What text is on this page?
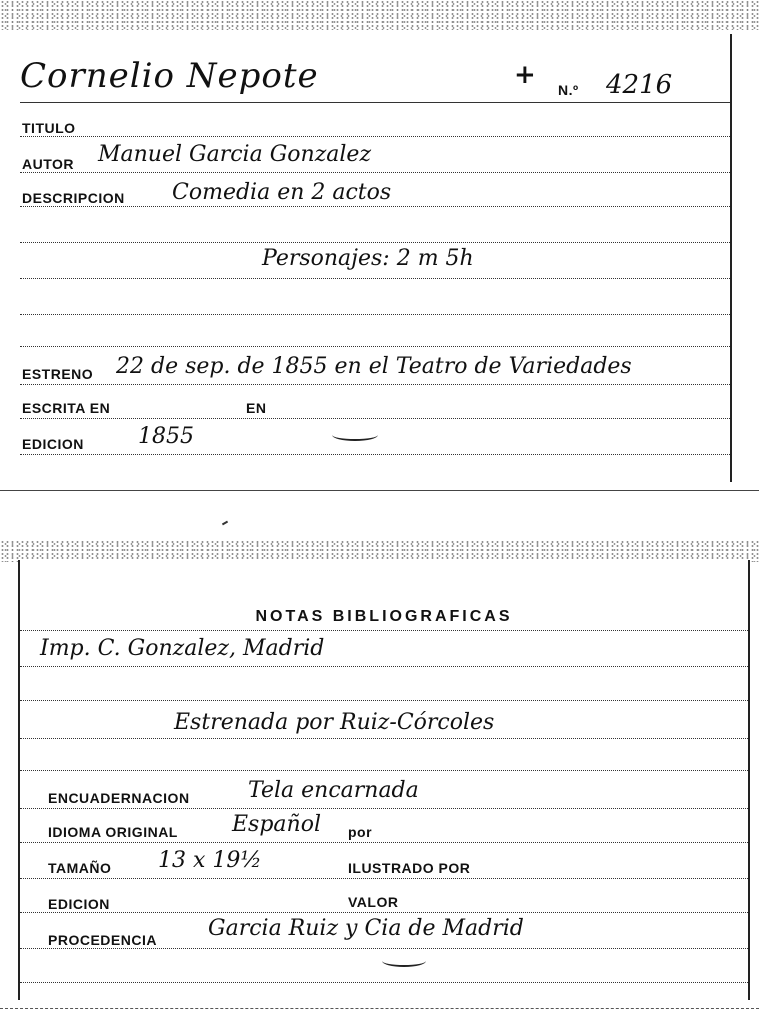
Cornelio Nepote	+ N.º 4216
TITULO
AUTOR Manuel Garcia Gonzalez
DESCRIPCION Comedia en 2 actos
Personajes: 2 m 5h
ESTRENO 22 de sep. de 1855 en el Teatro de Variedades
ESCRITA EN	EN
EDICION 1855
NOTAS BIBLIOGRAFICAS
Imp. C. Gonzalez, Madrid
Estrenada por Ruiz-Córcoles
ENCUADERNACION	Tela encarnada
IDIOMA ORIGINAL Español por
TAMAÑO 13 x 19½	ILUSTRADO POR
EDICION	VALOR
PROCEDENCIA Garcia Ruiz y Cia de Madrid
